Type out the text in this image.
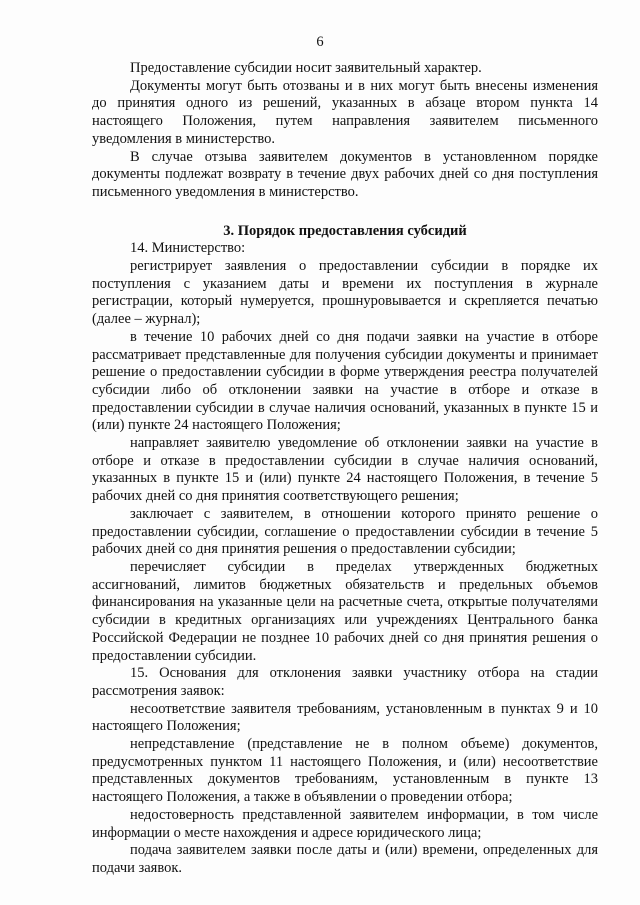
6

Предоставление субсидии носит заявительный характер.

Документы могут быть отозваны и в них могут быть внесены изменения до принятия одного из решений, указанных в абзаце втором пункта 14 настоящего Положения, путем направления заявителем письменного уведомления в министерство.

В случае отзыва заявителем документов в установленном порядке документы подлежат возврату в течение двух рабочих дней со дня поступления письменного уведомления в министерство.

3. Порядок предоставления субсидий

14. Министерство:

регистрирует заявления о предоставлении субсидии в порядке их поступления с указанием даты и времени их поступления в журнале регистрации, который нумеруется, прошнуровывается и скрепляется печатью (далее – журнал);

в течение 10 рабочих дней со дня подачи заявки на участие в отборе рассматривает представленные для получения субсидии документы и принимает решение о предоставлении субсидии в форме утверждения реестра получателей субсидии либо об отклонении заявки на участие в отборе и отказе в предоставлении субсидии в случае наличия оснований, указанных в пункте 15 и (или) пункте 24 настоящего Положения;

направляет заявителю уведомление об отклонении заявки на участие в отборе и отказе в предоставлении субсидии в случае наличия оснований, указанных в пункте 15 и (или) пункте 24 настоящего Положения, в течение 5 рабочих дней со дня принятия соответствующего решения;

заключает с заявителем, в отношении которого принято решение о предоставлении субсидии, соглашение о предоставлении субсидии в течение 5 рабочих дней со дня принятия решения о предоставлении субсидии;

перечисляет субсидии в пределах утвержденных бюджетных ассигнований, лимитов бюджетных обязательств и предельных объемов финансирования на указанные цели на расчетные счета, открытые получателями субсидии в кредитных организациях или учреждениях Центрального банка Российской Федерации не позднее 10 рабочих дней со дня принятия решения о предоставлении субсидии.

15. Основания для отклонения заявки участнику отбора на стадии рассмотрения заявок:

несоответствие заявителя требованиям, установленным в пунктах 9 и 10 настоящего Положения;

непредставление (представление не в полном объеме) документов, предусмотренных пунктом 11 настоящего Положения, и (или) несоответствие представленных документов требованиям, установленным в пункте 13 настоящего Положения, а также в объявлении о проведении отбора;

недостоверность представленной заявителем информации, в том числе информации о месте нахождения и адресе юридического лица;

подача заявителем заявки после даты и (или) времени, определенных для подачи заявок.
